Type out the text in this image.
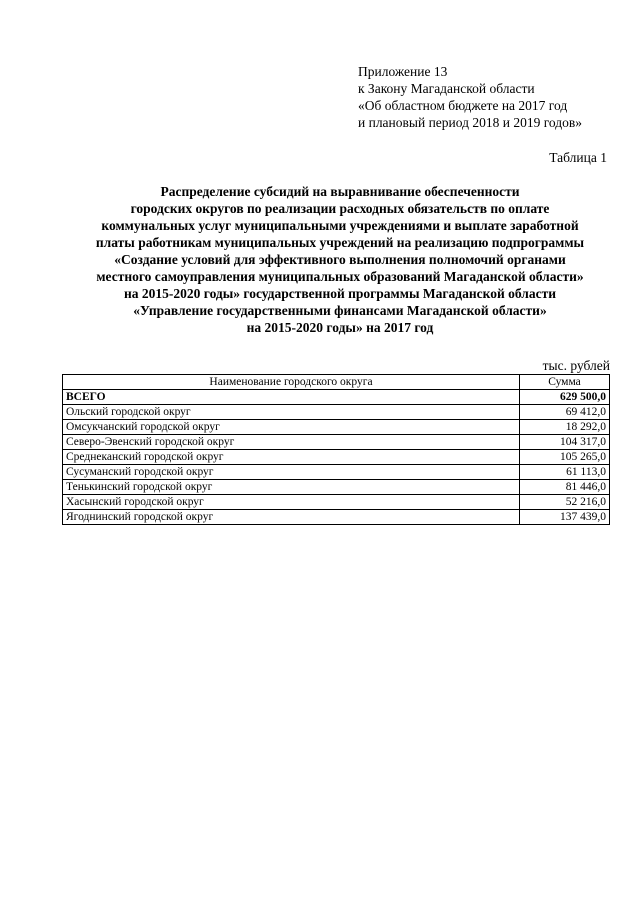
Приложение 13
к Закону Магаданской области
«Об областном бюджете на 2017 год
и плановый период 2018 и 2019 годов»
Таблица 1
Распределение субсидий на выравнивание обеспеченности
городских округов по реализации расходных обязательств по оплате
коммунальных услуг муниципальными учреждениями и выплате заработной
платы работникам муниципальных учреждений на реализацию подпрограммы
«Создание условий для эффективного выполнения полномочий органами
местного самоуправления муниципальных образований Магаданской области»
на 2015-2020 годы» государственной программы Магаданской области
«Управление государственными финансами Магаданской области»
на 2015-2020 годы» на 2017 год
тыс. рублей
Наименование городского округа	Сумма
ВСЕГО	629 500,0
Ольский городской округ	69 412,0
Омсукчанский городской округ	18 292,0
Северо-Эвенский городской округ	104 317,0
Среднеканский городской округ	105 265,0
Сусуманский городской округ	61 113,0
Тенькинский городской округ	81 446,0
Хасынский городской округ	52 216,0
Ягоднинский городской округ	137 439,0
